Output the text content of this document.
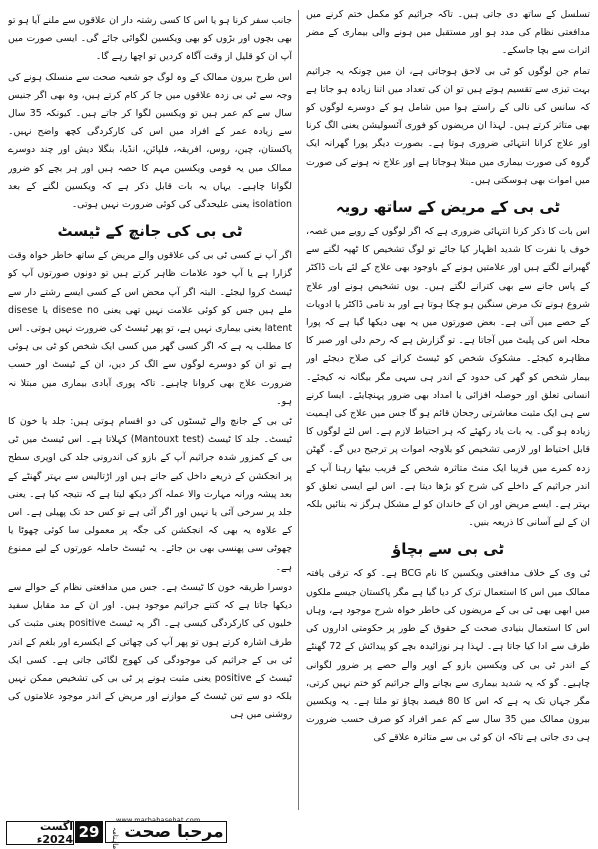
تسلسل کے ساتھ دی جاتی ہیں۔ تاکہ جراثیم کو مکمل ختم کرنے میں مدافعتی نظام کی مدد ہو اور مستقبل میں ہونے والی بیماری کے مضر اثرات سے بچا جاسکے۔

تمام جن لوگوں کو ٹی بی لاحق ہوجاتی ہے، ان میں چونکہ یہ جراثیم بہت تیزی سے تقسیم ہوتے ہیں تو ان کی تعداد میں اتنا زیادہ ہو جاتا ہے کہ سانس کی نالی کے راستے ہوا میں شامل ہو کے دوسرے لوگوں کو بھی متاثر کرتے ہیں۔ لہذا ان مریضوں کو فوری آئسولیشن یعنی الگ کرنا اور علاج کرانا انتہائی ضروری ہوتا ہے۔ بصورت دیگر پورا گھرانہ ایک گروہ کی صورت بیماری میں مبتلا ہوجاتا ہے اور علاج نہ ہونے کی صورت میں اموات بھی ہوسکتی ہیں۔

ٹی بی کے مریض کے ساتھ رویہ

اس بات کا ذکر کرنا انتہائی ضروری ہے کہ اگر لوگوں کے رویے میں غصہ، خوف یا نفرت کا شدید اظہار کیا جائے تو لوگ تشخیص کا ٹھپہ لگنے سے گھبرانے لگتے ہیں اور علامتیں ہونے کے باوجود بھی علاج کے لئے بات ڈاکٹر کے پاس جانے سے بھی کترانے لگتے ہیں۔ یوں تشخیص ہونے اور علاج شروع ہونے تک مرض سنگین ہو چکا ہوتا ہے اور بد نامی ڈاکٹر یا ادویات کے حصے میں آتی ہے۔ بعض صورتوں میں یہ بھی دیکھا گیا ہے کہ پورا محلہ اس کی پلیٹ میں آجاتا ہے۔ تو گزارش ہے کہ رحم دلی اور صبر کا مظاہرہ کیجئے۔ مشکوک شخص کو ٹیسٹ کرانے کی صلاح دیجئے اور بیمار شخص کو گھر کی حدود کے اندر ہی سہی مگر بیگانہ نہ کیجئے۔ انسانی تعلق اور حوصلہ افزائی یا امداد بھی ضرور پہنچایئے۔ ایسا کرنے سے ہی ایک مثبت معاشرتی رجحان قائم ہو گا جس میں علاج کی اہمیت زیادہ ہو گی۔ یہ بات یاد رکھئے کہ ہر احتیاط لازم ہے۔ اس لئے لوگوں کا قابل احتیاط اور لازمی تشخیص کو بلاوجہ اموات پر ترجیح دیں گے۔ گھٹن زدہ کمرے میں قریبا ایک منٹ متاثرہ شخص کے قریب بیٹھا رہنا آپ کے اندر جراثیم کے داخلے کی شرح کو بڑھا دیتا ہے۔ اس لیے ایسی تعلق کو بہتر ہے۔ ایسے مریض اور ان کے خاندان کو لے مشکل ہرگز نہ بنائیں بلکہ ان کے لیے آسانی کا ذریعہ بنیں۔

ٹی بی سے بچاؤ

ٹی وی کے خلاف مدافعتی ویکسین کا نام BCG ہے۔ کو کہ ترقی یافتہ ممالک میں اس کا استعمال ترک کر دیا گیا ہے مگر پاکستان جیسے ملکوں میں ابھی بھی ٹی بی کے مریضوں کی خاطر خواہ شرح موجود ہے، وہاں اس کا استعمال بنیادی صحت کے حقوق کے طور پر حکومتی اداروں کی طرف سے ادا کیا جاتا ہے۔ لہذا ہر نوزائیدہ بچے کو پیدائش کے 72 گھنٹے کے اندر ٹی بی کی ویکسین بازو کے اوپر والے حصے پر ضرور لگوانی چاہیے۔ گو کہ یہ شدید بیماری سے بچانے والے جراثیم کو ختم نہیں کرتی، مگر جہاں تک یہ ہے کہ اس کا 80 فیصد بچاؤ تو ملتا ہے۔ یہ ویکسین بیرون ممالک میں 35 سال سے کم عمر افراد کو صرف حسب ضرورت ہی دی جاتی ہے تاکہ ان کو ٹی بی سے متاثرہ علاقے کی

جانب سفر کرنا ہو یا اس کا کسی رشتہ دار ان علاقوں سے ملنے آیا ہو تو بھی بچوں اور بڑوں کو بھی ویکسین لگوائی جائے گی۔ ایسی صورت میں آپ ان کو قلیل از وقت آگاہ کردیں تو اچھا رہے گا۔

اس طرح بیرون ممالک کے وہ لوگ جو شعبہ صحت سے منسلک ہونے کی وجہ سے ٹی بی زدہ علاقوں میں جا کر کام کرتے ہیں، وہ بھی اگر جنیس سال سے کم عمر ہیں تو ویکسین لگوا کر جاتے ہیں۔ کیونکہ 35 سال سے زیادہ عمر کے افراد میں اس کی کارکردگی کچھ واضح نہیں۔ پاکستان، چین، روس، افریقہ، فلپائن، انڈیا، بنگلا دیش اور چند دوسرے ممالک میں یہ قومی ویکسین مہم کا حصہ ہیں اور ہر بچے کو ضرور لگوانا چاہیے۔ یہاں یہ بات قابل ذکر ہے کہ ویکسین لگنے کے بعد isolation یعنی علیحدگی کی کوئی ضرورت نہیں ہوتی۔

ٹی بی کی جانچ کے ٹیسٹ

اگر آپ نے کسی ٹی بی کی علاقوں والے مریض کے ساتھ خاطر خواہ وقت گزارا ہے یا آپ خود علامات ظاہر کرتے ہیں تو دونوں صورتوں آپ کو ٹیسٹ کروا لیجئے۔ البتہ اگر آپ محض اس کے کسی ایسے رشتے دار سے ملے ہیں جس کو کوئی علامت نہیں تھی یعنی disese no یا disese latent یعنی بیماری نہیں ہے، تو پھر ٹیسٹ کی ضرورت نہیں ہوتی۔ اس کا مطلب یہ ہے کہ اگر کسی گھر میں کسی ایک شخص کو ٹی بی ہوئی ہے تو ان کو دوسرے لوگوں سے الگ کر دیں، ان کے ٹیسٹ اور حسب ضرورت علاج بھی کروانا چاہیے۔ تاکہ پوری آبادی بیماری میں مبتلا نہ ہو۔

ٹی بی کے جانچ والے ٹیسٹوں کی دو اقسام ہوتی ہیں: جلد یا خون کا ٹیسٹ۔ جلد کا ٹیسٹ (Mantouxt test) کہلاتا ہے۔ اس ٹیسٹ میں ٹی بی کے کمزور شدہ جراثیم آپ کے بازو کی اندرونی جلد کی اوپری سطح پر انجکشن کے ذریعے داخل کیے جاتے ہیں اور اڑتالیس سے بہتر گھنٹے کے بعد پیشہ ورانہ مہارت والا عملہ آکر دیکھ لیتا ہے کہ نتیجہ کیا ہے۔ یعنی جلد پر سرخی آئی یا نہیں اور اگر آئی ہے تو کس حد تک پھیلی ہے۔ اس کے علاوہ یہ بھی کہ انجکشن کی جگہ پر معمولی سا کوئی چھوٹا یا چھوٹی سی پھنسی بھی بن جائے۔ یہ ٹیسٹ حاملہ عورتوں کے لیے ممنوع ہے۔

دوسرا طریقہ خون کا ٹیسٹ ہے۔ جس میں مدافعتی نظام کے حوالے سے دیکھا جاتا ہے کہ کتنے جراثیم موجود ہیں۔ اور ان کے مد مقابل سفید خلیوں کی کارکردگی کیسی ہے۔ اگر یہ ٹیسٹ positive یعنی مثبت کی طرف اشارہ کرتے ہوں تو پھر آپ کی چھاتی کے ایکسرے اور بلغم کے اندر ٹی بی کے جراثیم کی موجودگی کی کھوج لگائی جاتی ہے۔ کسی ایک ٹیسٹ کے positive یعنی مثبت ہونے پر ٹی بی کی تشخیص ممکن نہیں بلکہ دو سے تین ٹیسٹ کے موازنے اور مریض کے اندر موجود علامتوں کی روشنی میں ہی

اگست 2024ء 29	مرحبا صحت
ماہنامہ
www.marhabasehat.com
